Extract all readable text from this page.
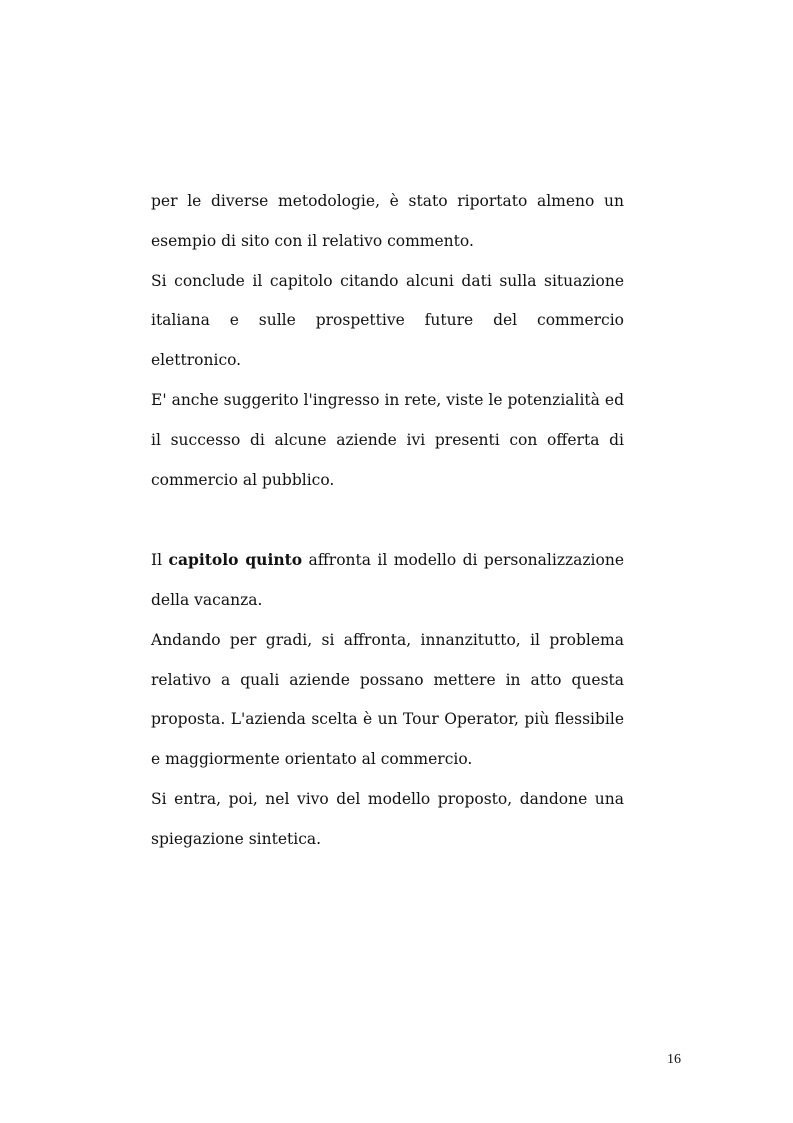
per le diverse metodologie, è stato riportato almeno un esempio di sito con il relativo commento.

Si conclude il capitolo citando alcuni dati sulla situazione italiana e sulle prospettive future del commercio elettronico.

E' anche suggerito l'ingresso in rete, viste le potenzialità ed il successo di alcune aziende ivi presenti con offerta di commercio al pubblico.

Il capitolo quinto affronta il modello di personalizzazione della vacanza.

Andando per gradi, si affronta, innanzitutto, il problema relativo a quali aziende possano mettere in atto questa proposta. L'azienda scelta è un Tour Operator, più flessibile e maggiormente orientato al commercio.

Si entra, poi, nel vivo del modello proposto, dandone una spiegazione sintetica.

16
